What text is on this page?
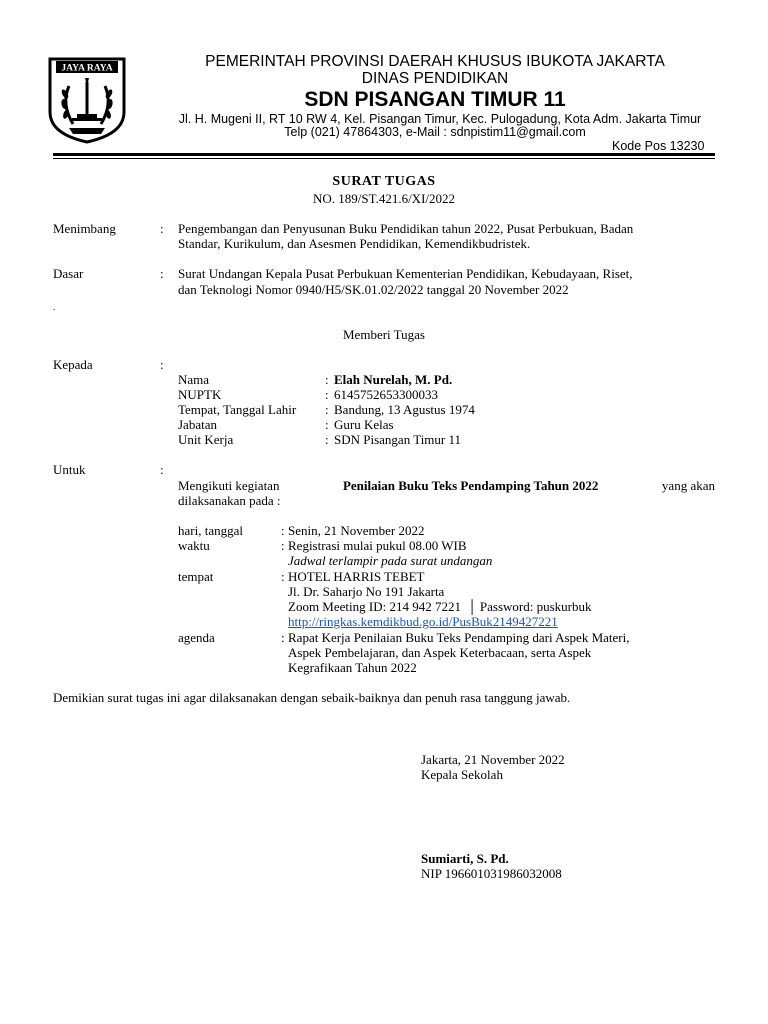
JAYA RAYA	PEMERINTAH PROVINSI DAERAH KHUSUS IBUKOTA JAKARTA
DINAS PENDIDIKAN
SDN PISANGAN TIMUR 11
Jl. H. Mugeni II, RT 10 RW 4, Kel. Pisangan Timur, Kec. Pulogadung, Kota Adm. Jakarta Timur
Telp (021) 47864303, e-Mail : sdnpistim11@gmail.com
Kode Pos 13230
SURAT TUGAS
NO. 189/ST.421.6/XI/2022
Menimbang	: Pengembangan dan Penyusunan Buku Pendidikan tahun 2022, Pusat Perbukuan, Badan
Standar, Kurikulum, dan Asesmen Pendidikan, Kemendikbudristek.
Dasar	: Surat Undangan Kepala Pusat Perbukuan Kementerian Pendidikan, Kebudayaan, Riset,
dan Teknologi Nomor 0940/H5/SK.01.02/2022 tanggal 20 November 2022
.
Memberi Tugas
Kepada	:
Nama	: Elah Nurelah, M. Pd.
NUPTK	: 6145752653300033
Tempat, Tanggal Lahir : Bandung, 13 Agustus 1974
Jabatan	: Guru Kelas
Unit Kerja	: SDN Pisangan Timur 11
Untuk	:
Mengikuti kegiatan	Penilaian Buku Teks Pendamping Tahun 2022	yang akan
dilaksanakan pada :
hari, tanggal	: Senin, 21 November 2022
waktu	: Registrasi mulai pukul 08.00 WIB
Jadwal terlampir pada surat undangan
tempat	: HOTEL HARRIS TEBET
Jl. Dr. Saharjo No 191 Jakarta
Zoom Meeting ID: 214 942 7221  │ Password: puskurbuk
http://ringkas.kemdikbud.go.id/PusBuk2149427221
agenda	: Rapat Kerja Penilaian Buku Teks Pendamping dari Aspek Materi,
Aspek Pembelajaran, dan Aspek Keterbacaan, serta Aspek
Kegrafikaan Tahun 2022
Demikian surat tugas ini agar dilaksanakan dengan sebaik-baiknya dan penuh rasa tanggung jawab.
Jakarta, 21 November 2022
Kepala Sekolah
Sumiarti, S. Pd.
NIP 196601031986032008
